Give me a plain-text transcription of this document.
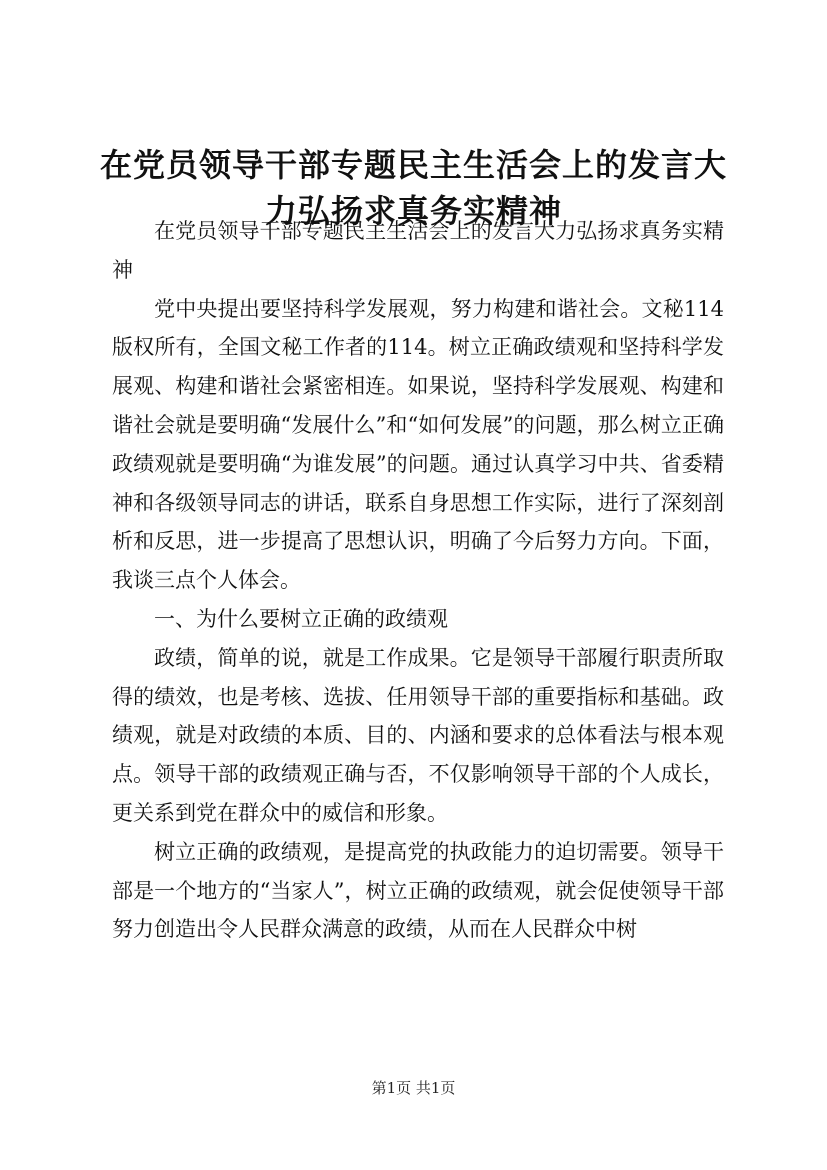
在党员领导干部专题民主生活会上的发言大力弘扬求真务实精神

在党员领导干部专题民主生活会上的发言大力弘扬求真务实精神

党中央提出要坚持科学发展观，努力构建和谐社会。文秘114版权所有，全国文秘工作者的114。树立正确政绩观和坚持科学发展观、构建和谐社会紧密相连。如果说，坚持科学发展观、构建和谐社会就是要明确“发展什么”和“如何发展”的问题，那么树立正确政绩观就是要明确“为谁发展”的问题。通过认真学习中共、省委精神和各级领导同志的讲话，联系自身思想工作实际，进行了深刻剖析和反思，进一步提高了思想认识，明确了今后努力方向。下面，我谈三点个人体会。

一、为什么要树立正确的政绩观

政绩，简单的说，就是工作成果。它是领导干部履行职责所取得的绩效，也是考核、选拔、任用领导干部的重要指标和基础。政绩观，就是对政绩的本质、目的、内涵和要求的总体看法与根本观点。领导干部的政绩观正确与否，不仅影响领导干部的个人成长，更关系到党在群众中的威信和形象。

树立正确的政绩观，是提高党的执政能力的迫切需要。领导干部是一个地方的“当家人”，树立正确的政绩观，就会促使领导干部努力创造出令人民群众满意的政绩，从而在人民群众中树

第1页 共1页
